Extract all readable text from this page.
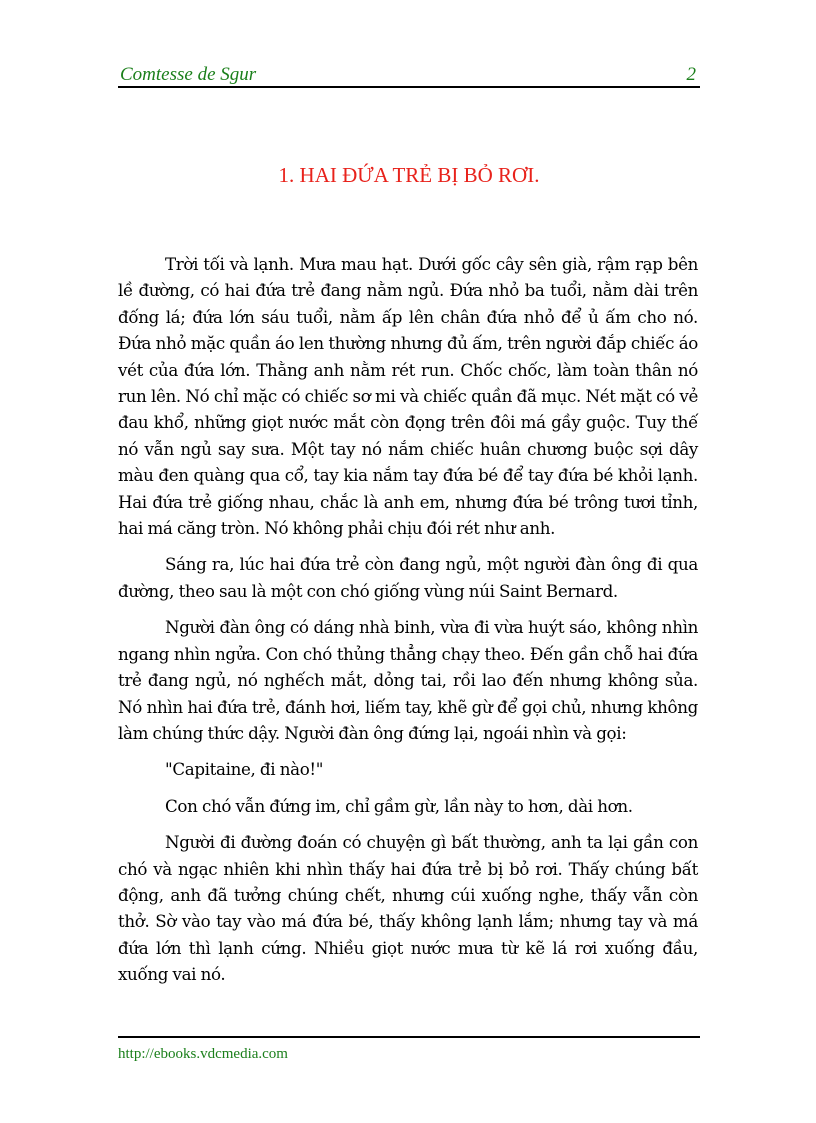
Comtesse de Sgur	2
1. HAI ĐỨA TRẺ BỊ BỎ RƠI.

Trời tối và lạnh. Mưa mau hạt. Dưới gốc cây sên già, rậm rạp bên lề đường, có hai đứa trẻ đang nằm ngủ. Đứa nhỏ ba tuổi, nằm dài trên đống lá; đứa lớn sáu tuổi, nằm ấp lên chân đứa nhỏ để ủ ấm cho nó. Đứa nhỏ mặc quần áo len thường nhưng đủ ấm, trên người đắp chiếc áo vét của đứa lớn. Thằng anh nằm rét run. Chốc chốc, làm toàn thân nó run lên. Nó chỉ mặc có chiếc sơ mi và chiếc quần đã mục. Nét mặt có vẻ đau khổ, những giọt nước mắt còn đọng trên đôi má gầy guộc. Tuy thế nó vẫn ngủ say sưa. Một tay nó nắm chiếc huân chương buộc sợi dây màu đen quàng qua cổ, tay kia nắm tay đứa bé để tay đứa bé khỏi lạnh. Hai đứa trẻ giống nhau, chắc là anh em, nhưng đứa bé trông tươi tỉnh, hai má căng tròn. Nó không phải chịu đói rét như anh.

Sáng ra, lúc hai đứa trẻ còn đang ngủ, một người đàn ông đi qua đường, theo sau là một con chó giống vùng núi Saint Bernard.

Người đàn ông có dáng nhà binh, vừa đi vừa huýt sáo, không nhìn ngang nhìn ngửa. Con chó thủng thẳng chạy theo. Đến gần chỗ hai đứa trẻ đang ngủ, nó nghếch mắt, dỏng tai, rồi lao đến nhưng không sủa. Nó nhìn hai đứa trẻ, đánh hơi, liếm tay, khẽ gừ để gọi chủ, nhưng không làm chúng thức dậy. Người đàn ông đứng lại, ngoái nhìn và gọi:

"Capitaine, đi nào!"

Con chó vẫn đứng im, chỉ gầm gừ, lần này to hơn, dài hơn.

Người đi đường đoán có chuyện gì bất thường, anh ta lại gần con chó và ngạc nhiên khi nhìn thấy hai đứa trẻ bị bỏ rơi. Thấy chúng bất động, anh đã tưởng chúng chết, nhưng cúi xuống nghe, thấy vẫn còn thở. Sờ vào tay vào má đứa bé, thấy không lạnh lắm; nhưng tay và má đứa lớn thì lạnh cứng. Nhiều giọt nước mưa từ kẽ lá rơi xuống đầu, xuống vai nó.

http://ebooks.vdcmedia.com
